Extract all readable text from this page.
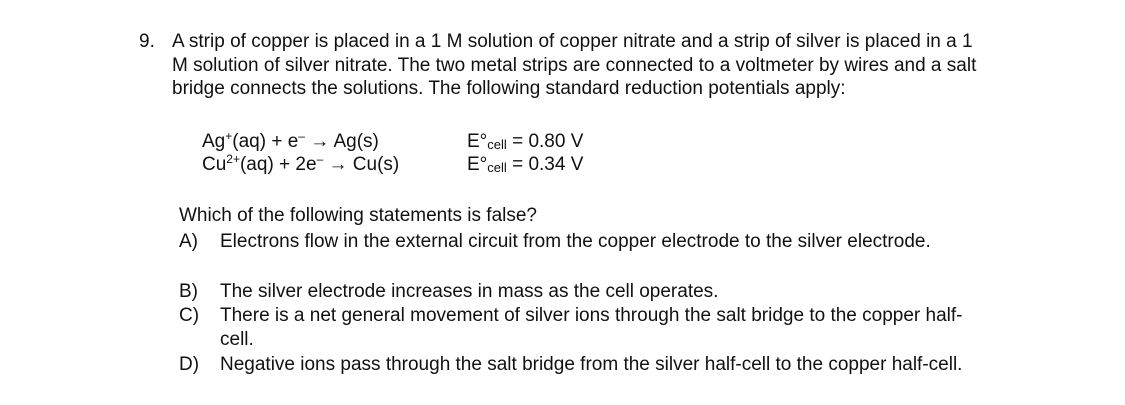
9. A strip of copper is placed in a 1 M solution of copper nitrate and a strip of silver is placed in a 1 M solution of silver nitrate. The two metal strips are connected to a voltmeter by wires and a salt bridge connects the solutions. The following standard reduction potentials apply:
Ag+(aq) + e– → Ag(s)	$E^\circ_{cell} = 0.80$ V
$Cu^{2+}(aq) + 2e^- \to Cu(s)$	$E^\circ_{cell} = 0.34$ V
Which of the following statements is false?
A) Electrons flow in the external circuit from the copper electrode to the silver electrode.
B) The silver electrode increases in mass as the cell operates.
C) There is a net general movement of silver ions through the salt bridge to the copper half-cell.
D) Negative ions pass through the salt bridge from the silver half-cell to the copper half-cell.
